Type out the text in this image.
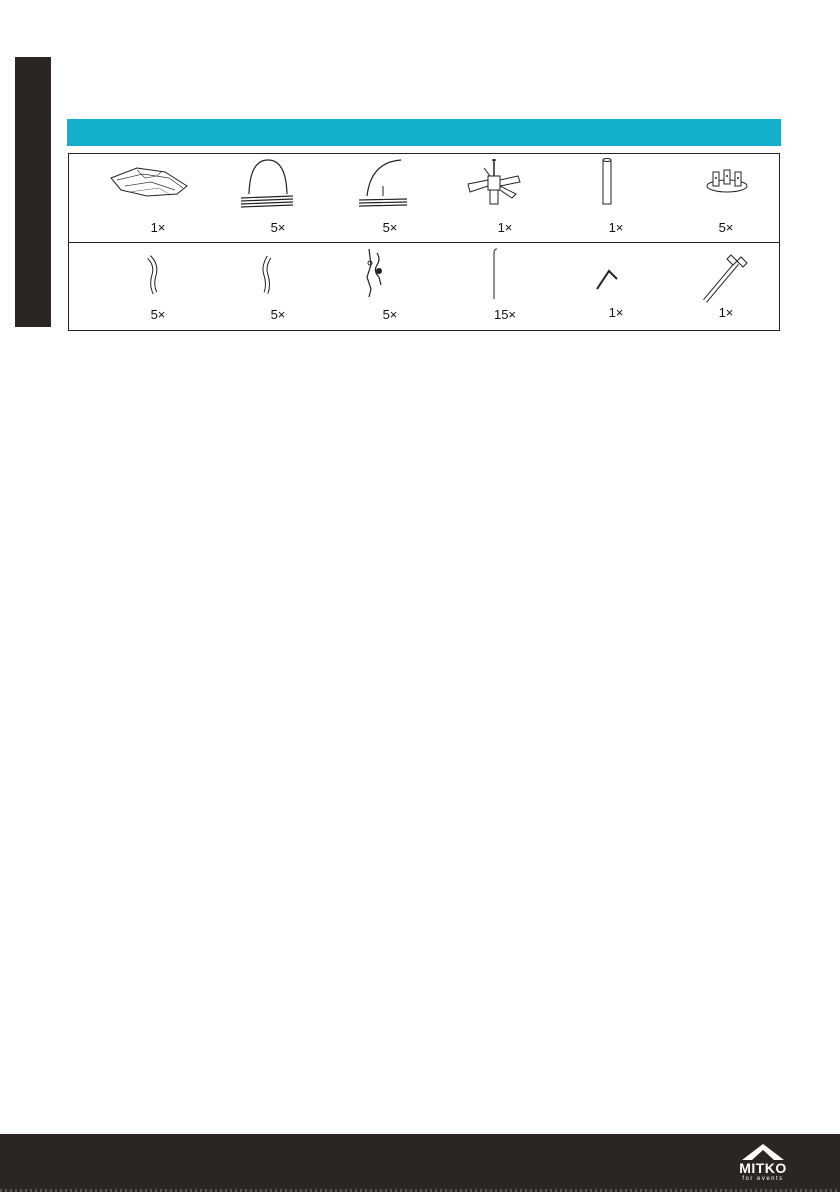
1×	5×	5×	1×	1×	5×
5×	5×	5×	15×	1×	1×
MITKO
for events
